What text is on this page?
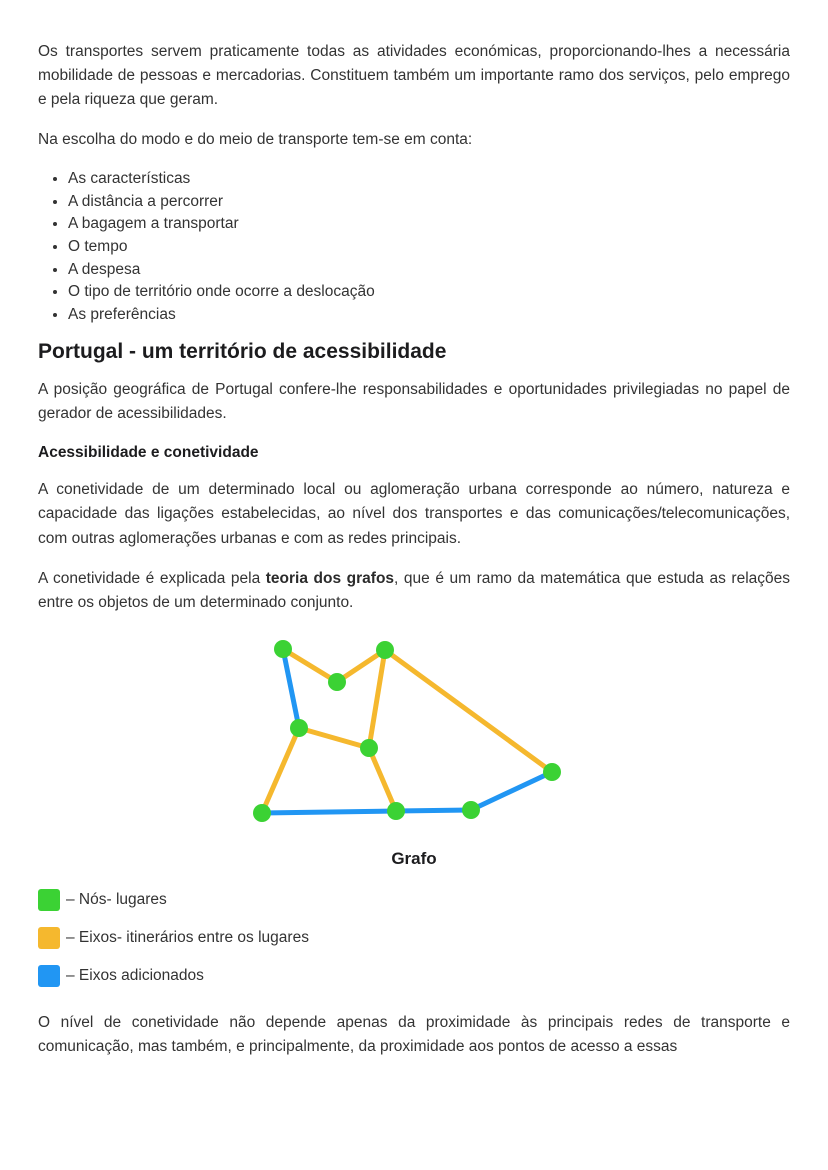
Os transportes servem praticamente todas as atividades económicas, proporcionando-lhes a necessária mobilidade de pessoas e mercadorias. Constituem também um importante ramo dos serviços, pelo emprego e pela riqueza que geram.

Na escolha do modo e do meio de transporte tem-se em conta:

• As características
• A distância a percorrer
• A bagagem a transportar
• O tempo
• A despesa
• O tipo de território onde ocorre a deslocação
• As preferências
Portugal - um território de acessibilidade

A posição geográfica de Portugal confere-lhe responsabilidades e oportunidades privilegiadas no papel de gerador de acessibilidades.

Acessibilidade e conetividade

A conetividade de um determinado local ou aglomeração urbana corresponde ao número, natureza e capacidade das ligações estabelecidas, ao nível dos transportes e das comunicações/telecomunicações, com outras aglomerações urbanas e com as redes principais.

A conetividade é explicada pela teoria dos grafos, que é um ramo da matemática que estuda as relações entre os objetos de um determinado conjunto.

Grafo
– Nós- lugares
– Eixos- itinerários entre os lugares
– Eixos adicionados

O nível de conetividade não depende apenas da proximidade às principais redes de transporte e comunicação, mas também, e principalmente, da proximidade aos pontos de acesso a essas
